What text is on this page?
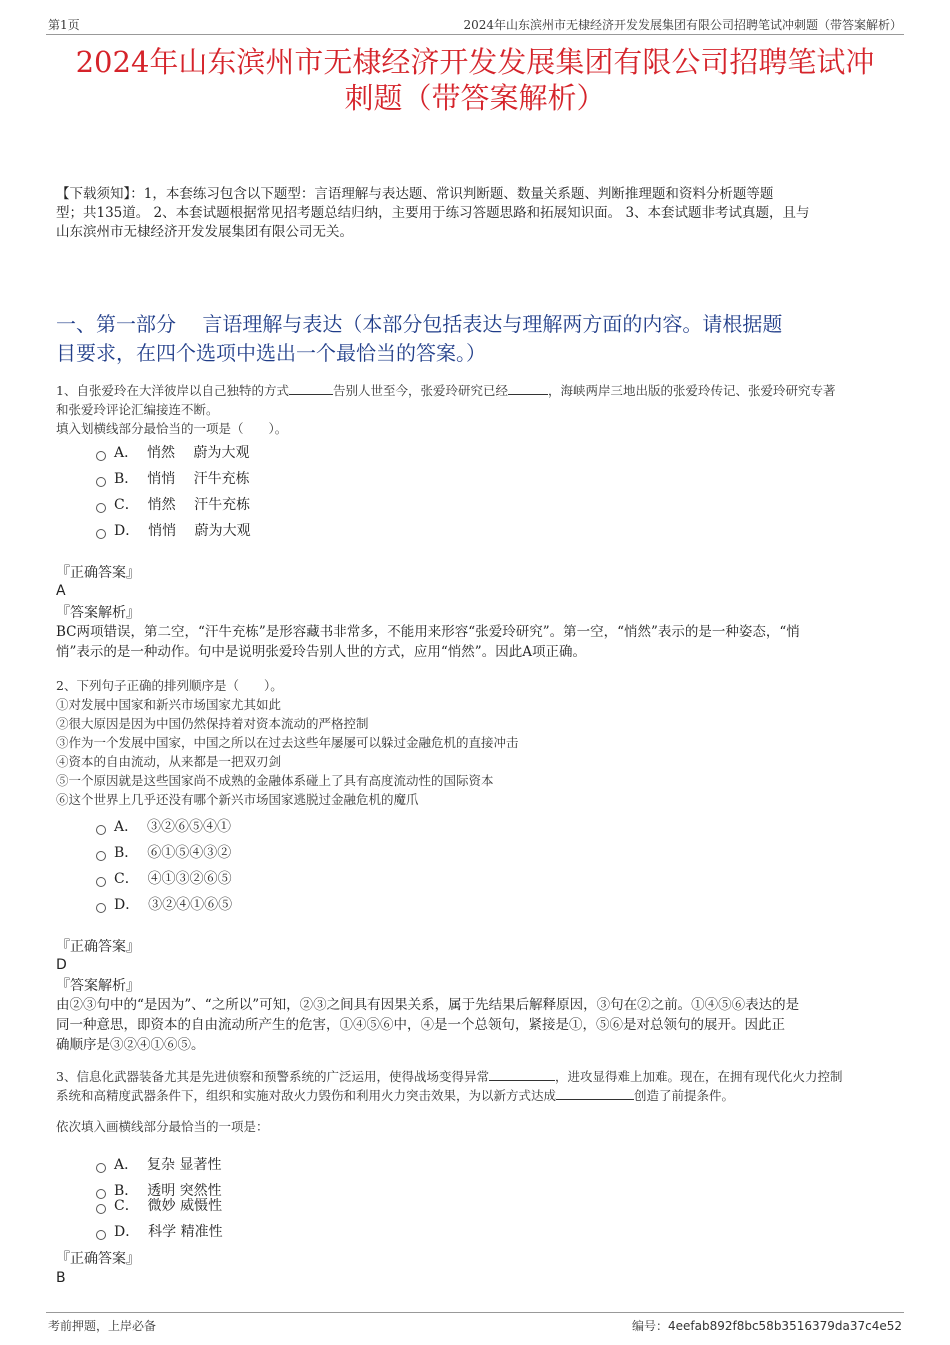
第1页	2024年山东滨州市无棣经济开发发展集团有限公司招聘笔试冲刺题（带答案解析）
2024年山东滨州市无棣经济开发发展集团有限公司招聘笔试冲
刺题（带答案解析）
【下载须知】：1，本套练习包含以下题型：言语理解与表达题、常识判断题、数量关系题、判断推理题和资料分析题等题
型；共135道。 2、本套试题根据常见招考题总结归纳，主要用于练习答题思路和拓展知识面。 3、本套试题非考试真题，且与
山东滨州市无棣经济开发发展集团有限公司无关。
一、第一部分　 言语理解与表达（本部分包括表达与理解两方面的内容。请根据题
目要求，在四个选项中选出一个最恰当的答案。）
1、自张爱玲在大洋彼岸以自己独特的方式	告别人世至今，张爱玲研究已经	，海峡两岸三地出版的张爱玲传记、张爱玲研究专著
和张爱玲评论汇编接连不断。
填入划横线部分最恰当的一项是（　　）。
A． 悄然　 蔚为大观
B． 悄悄　 汗牛充栋
C． 悄然　 汗牛充栋
D． 悄悄　 蔚为大观
『正确答案』
A
『答案解析』
BC两项错误，第二空，“汗牛充栋”是形容藏书非常多，不能用来形容“张爱玲研究”。第一空，“悄然”表示的是一种姿态，“悄
悄”表示的是一种动作。句中是说明张爱玲告别人世的方式，应用“悄然”。因此A项正确。
2、下列句子正确的排列顺序是（　　）。
①对发展中国家和新兴市场国家尤其如此
②很大原因是因为中国仍然保持着对资本流动的严格控制
③作为一个发展中国家，中国之所以在过去这些年屡屡可以躲过金融危机的直接冲击
④资本的自由流动，从来都是一把双刃剑
⑤一个原因就是这些国家尚不成熟的金融体系碰上了具有高度流动性的国际资本
⑥这个世界上几乎还没有哪个新兴市场国家逃脱过金融危机的魔爪
A． ③②⑥⑤④①
B． ⑥①⑤④③②
C． ④①③②⑥⑤
D． ③②④①⑥⑤
『正确答案』
D
『答案解析』
由②③句中的“是因为”、“之所以”可知，②③之间具有因果关系，属于先结果后解释原因，③句在②之前。①④⑤⑥表达的是
同一种意思，即资本的自由流动所产生的危害，①④⑤⑥中，④是一个总领句，紧接是①，⑤⑥是对总领句的展开。因此正
确顺序是③②④①⑥⑤。
3、信息化武器装备尤其是先进侦察和预警系统的广泛运用，使得战场变得异常	，进攻显得难上加难。现在，在拥有现代化火力控制
系统和高精度武器条件下，组织和实施对敌火力毁伤和利用火力突击效果，为以新方式达成	创造了前提条件。
依次填入画横线部分最恰当的一项是：
A． 复杂 显著性
B． 透明 突然性
C． 微妙 威慑性
D． 科学 精准性
『正确答案』
B
考前押题，上岸必备	编号：4eefab892f8bc58b3516379da37c4e52
